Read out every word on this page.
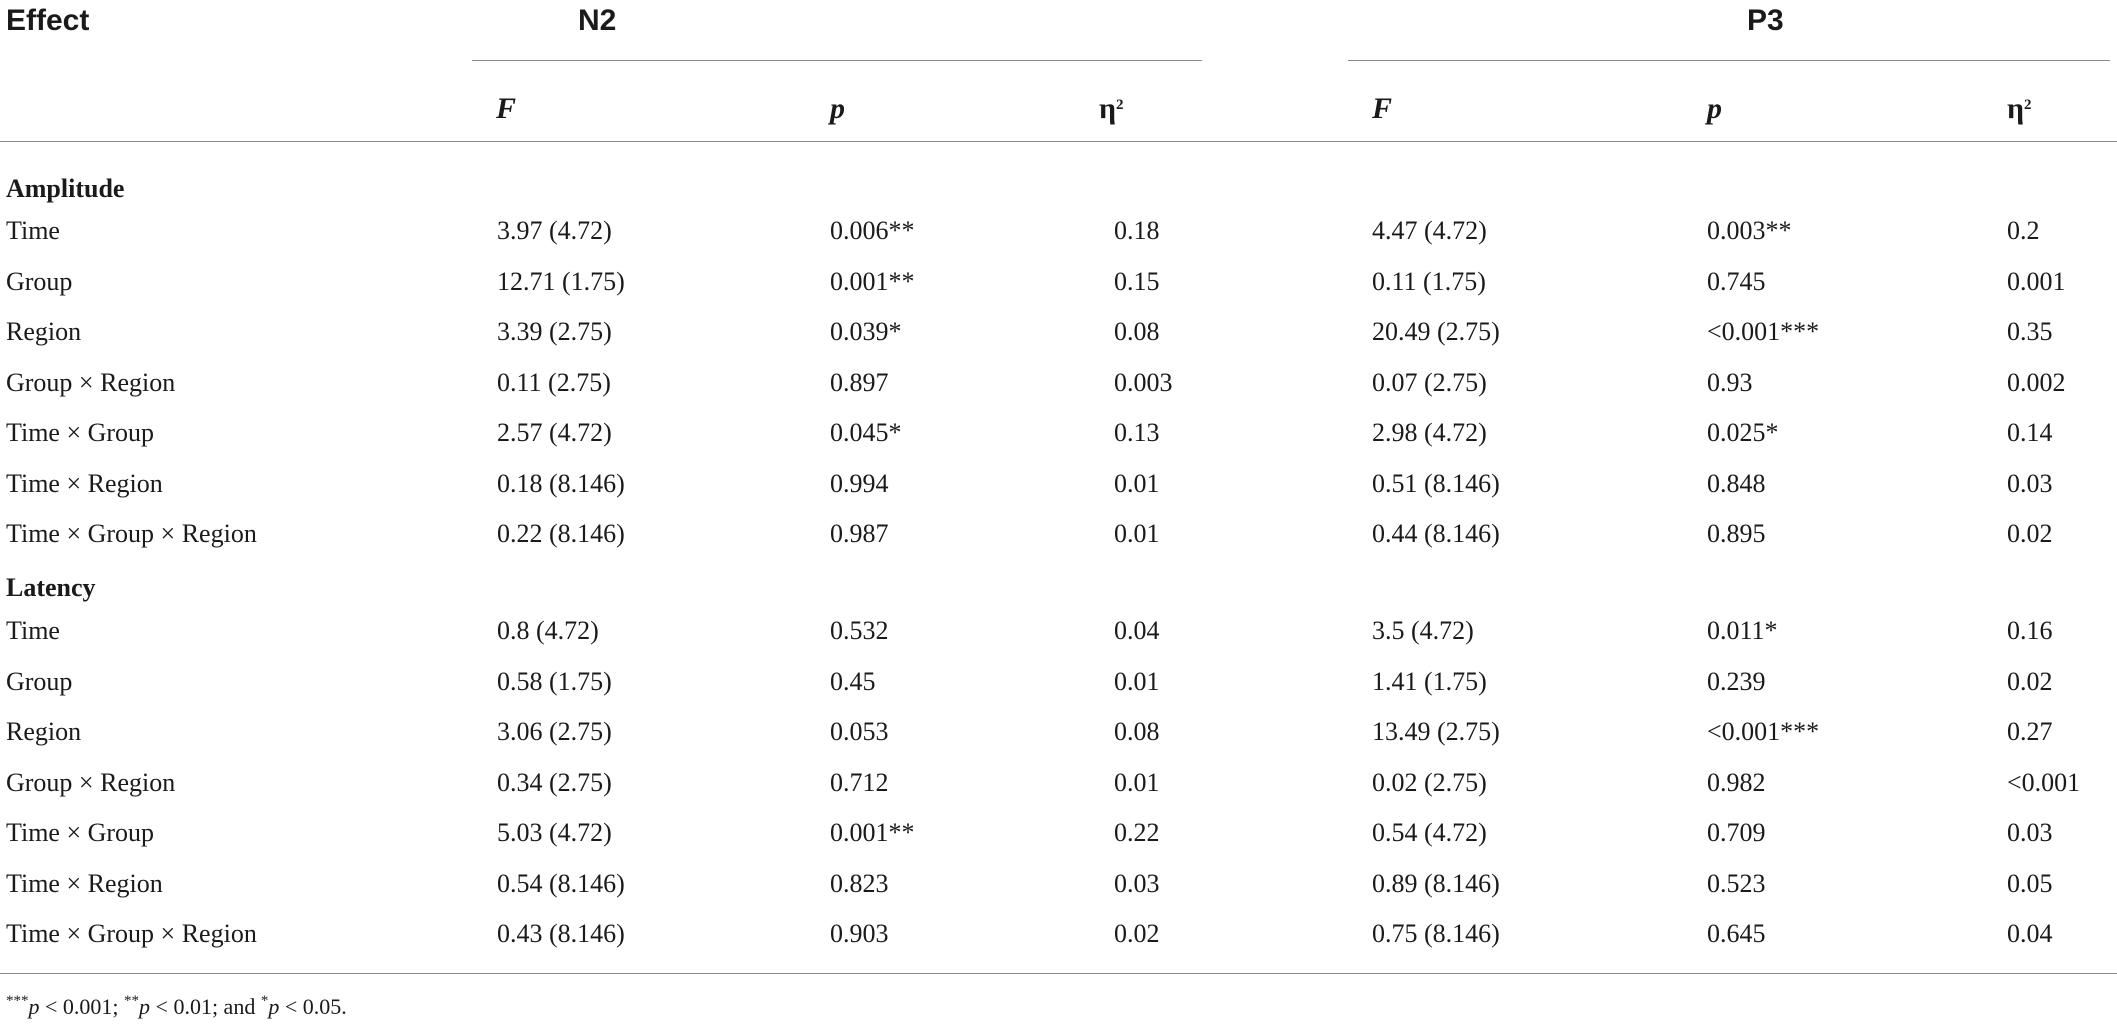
Effect	N2	P3
F	p	$\eta^2$	F	p	$\eta^2$
Amplitude
Time	3.97 (4.72)	0.006**	0.18	4.47 (4.72)	0.003**	0.2
Group	12.71 (1.75)	0.001**	0.15	0.11 (1.75)	0.745	0.001
Region	3.39 (2.75)	0.039*	0.08	20.49 (2.75)	<0.001***	0.35
Group × Region	0.11 (2.75)	0.897	0.003	0.07 (2.75)	0.93	0.002
Time × Group	2.57 (4.72)	0.045*	0.13	2.98 (4.72)	0.025*	0.14
Time × Region	0.18 (8.146)	0.994	0.01	0.51 (8.146)	0.848	0.03
Time × Group × Region	0.22 (8.146)	0.987	0.01	0.44 (8.146)	0.895	0.02
Latency
Time	0.8 (4.72)	0.532	0.04	3.5 (4.72)	0.011*	0.16
Group	0.58 (1.75)	0.45	0.01	1.41 (1.75)	0.239	0.02
Region	3.06 (2.75)	0.053	0.08	13.49 (2.75)	<0.001***	0.27
Group × Region	0.34 (2.75)	0.712	0.01	0.02 (2.75)	0.982	<0.001
Time × Group	5.03 (4.72)	0.001**	0.22	0.54 (4.72)	0.709	0.03
Time × Region	0.54 (8.146)	0.823	0.03	0.89 (8.146)	0.523	0.05
Time × Group × Region	0.43 (8.146)	0.903	0.02	0.75 (8.146)	0.645	0.04
***p < 0.001; **p < 0.01; and *p < 0.05.
